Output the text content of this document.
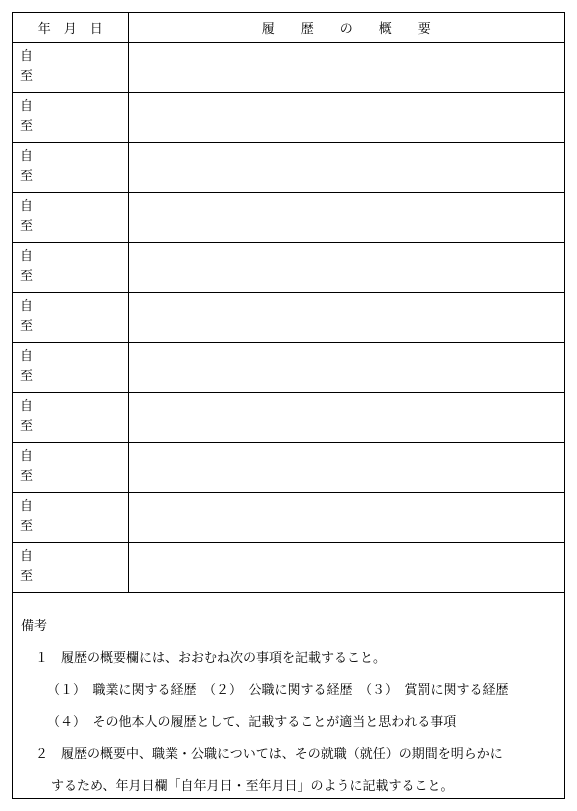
年　月　日	履　　歴　　の　　概　　要

自
至	

自
至	

自
至	

自
至	

自
至	

自
至	

自
至	

自
至	

自
至	

自
至	

自
至	

備考
１　履歴の概要欄には、おおむね次の事項を記載すること。
（１）　職業に関する経歴　（２）　公職に関する経歴　（３）　賞罰に関する経歴
（４）　その他本人の履歴として、記載することが適当と思われる事項
２　履歴の概要中、職業・公職については、その就職（就任）の期間を明らかに
するため、年月日欄「自年月日・至年月日」のように記載すること。
